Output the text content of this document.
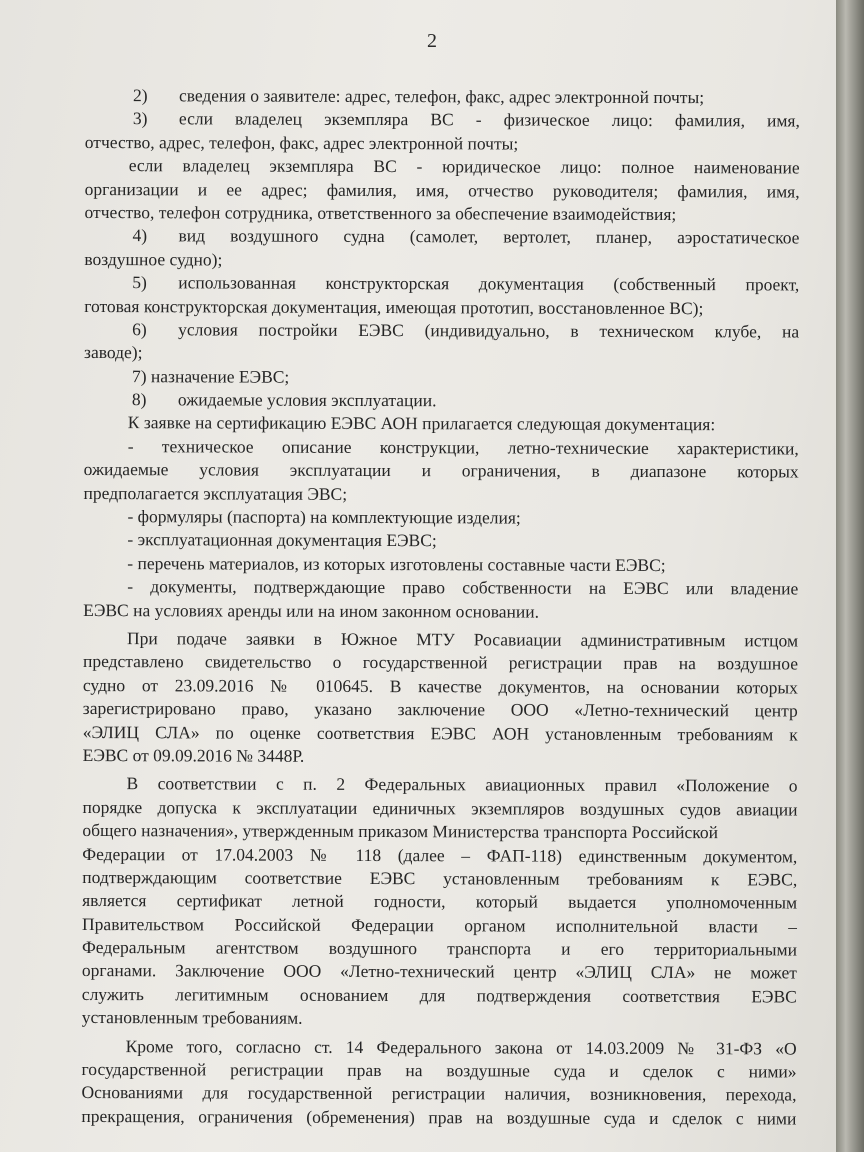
2
2) сведения о заявителе: адрес, телефон, факс, адрес электронной почты;
3) если владелец экземпляра ВС - физическое лицо: фамилия, имя,
отчество, адрес, телефон, факс, адрес электронной почты;
если владелец экземпляра ВС - юридическое лицо: полное наименование
организации и ее адрес; фамилия, имя, отчество руководителя; фамилия, имя,
отчество, телефон сотрудника, ответственного за обеспечение взаимодействия;
4) вид воздушного судна (самолет, вертолет, планер, аэростатическое
воздушное судно);
5) использованная конструкторская документация (собственный проект,
готовая конструкторская документация, имеющая прототип, восстановленное ВС);
6) условия постройки ЕЭВС (индивидуально, в техническом клубе, на
заводе);
7) назначение ЕЭВС;
8) ожидаемые условия эксплуатации.
К заявке на сертификацию ЕЭВС АОН прилагается следующая документация:
- техническое описание конструкции, летно-технические характеристики,
ожидаемые условия эксплуатации и ограничения, в диапазоне которых
предполагается эксплуатация ЭВС;
- формуляры (паспорта) на комплектующие изделия;
- эксплуатационная документация ЕЭВС;
- перечень материалов, из которых изготовлены составные части ЕЭВС;
- документы, подтверждающие право собственности на ЕЭВС или владение
ЕЭВС на условиях аренды или на ином законном основании.
При подаче заявки в Южное МТУ Росавиации административным истцом
представлено свидетельство о государственной регистрации прав на воздушное
судно от 23.09.2016 № 010645. В качестве документов, на основании которых
зарегистрировано право, указано заключение ООО «Летно-технический центр
«ЭЛИЦ СЛА» по оценке соответствия ЕЭВС АОН установленным требованиям к
ЕЭВС от 09.09.2016 № 3448Р.
В соответствии с п. 2 Федеральных авиационных правил «Положение о
порядке допуска к эксплуатации единичных экземпляров воздушных судов авиации
общего назначения», утвержденным приказом Министерства транспорта Российской
Федерации от 17.04.2003 № 118 (далее – ФАП-118) единственным документом,
подтверждающим соответствие ЕЭВС установленным требованиям к ЕЭВС,
является сертификат летной годности, который выдается уполномоченным
Правительством Российской Федерации органом исполнительной власти –
Федеральным агентством воздушного транспорта и его территориальными
органами. Заключение ООО «Летно-технический центр «ЭЛИЦ СЛА» не может
служить легитимным основанием для подтверждения соответствия ЕЭВС
установленным требованиям.
Кроме того, согласно ст. 14 Федерального закона от 14.03.2009 № 31-ФЗ «О
государственной регистрации прав на воздушные суда и сделок с ними»
Основаниями для государственной регистрации наличия, возникновения, перехода,
прекращения, ограничения (обременения) прав на воздушные суда и сделок с ними
